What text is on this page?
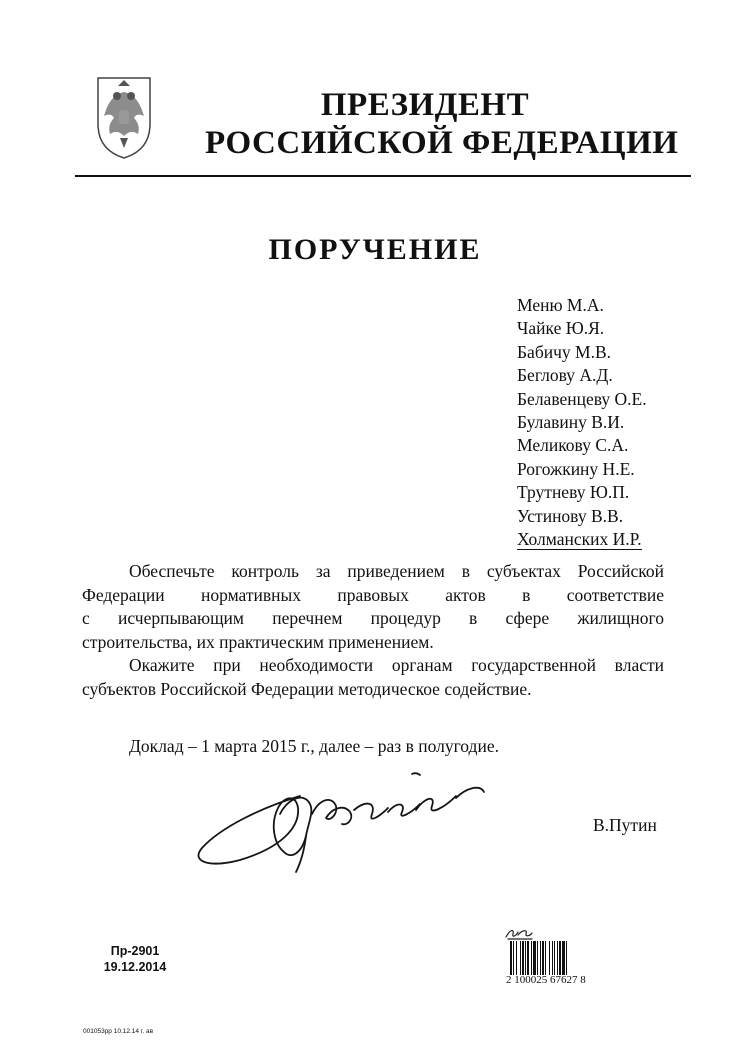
ПРЕЗИДЕНТ
РОССИЙСКОЙ ФЕДЕРАЦИИ
ПОРУЧЕНИЕ
Меню М.А.
Чайке Ю.Я.
Бабичу М.В.
Беглову А.Д.
Белавенцеву О.Е.
Булавину В.И.
Меликову С.А.
Рогожкину Н.Е.
Трутневу Ю.П.
Устинову В.В.
Холманских И.Р.
Обеспечьте контроль за приведением в субъектах Российской
Федерации нормативных правовых актов в соответствие
с исчерпывающим перечнем процедур в сфере жилищного
строительства, их практическим применением.
Окажите при необходимости органам государственной власти
субъектов Российской Федерации методическое содействие.
Доклад – 1 марта 2015 г., далее – раз в полугодие.
В.Путин
Пр-2901
19.12.2014
2 100025 67627 8
001053рр 10.12.14 г. ав
